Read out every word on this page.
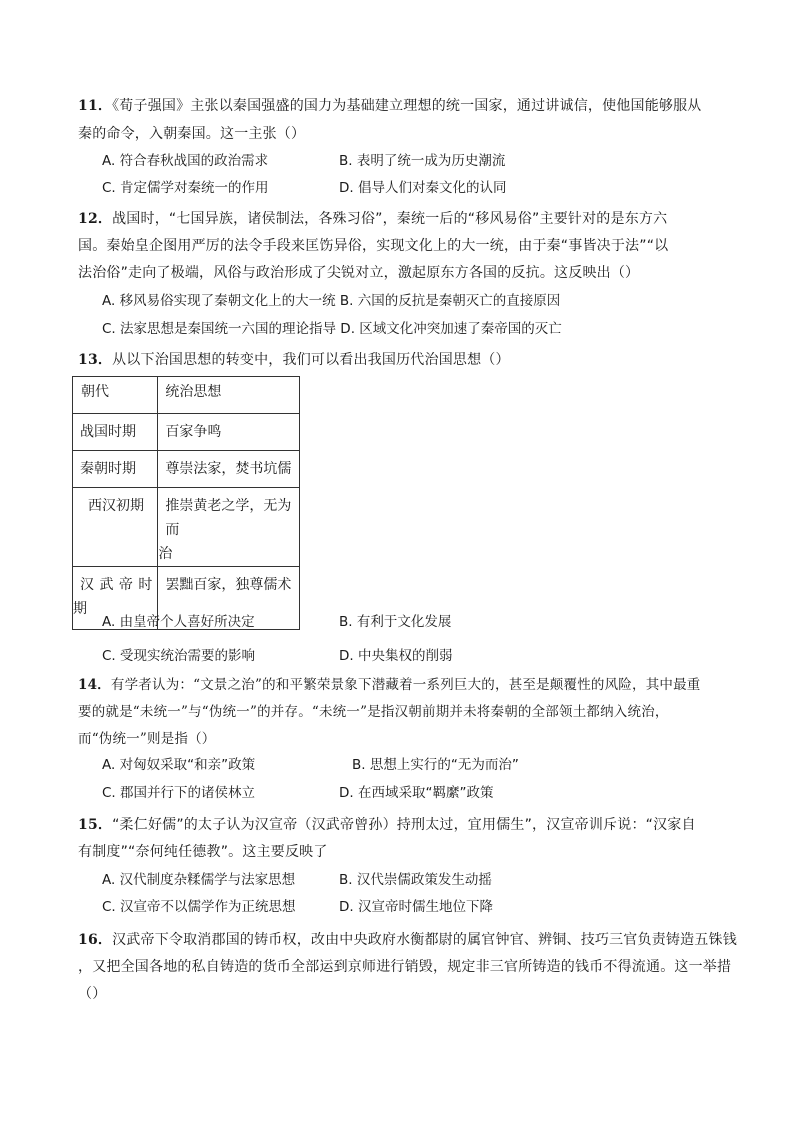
11．《荀子强国》主张以秦国强盛的国力为基础建立理想的统一国家，通过讲诚信，使他国能够服从
秦的命令，入朝秦国。这一主张（）
A. 符合春秋战国的政治需求	B. 表明了统一成为历史潮流
C. 肯定儒学对秦统一的作用	D. 倡导人们对秦文化的认同
12．战国时，“七国异族，诸侯制法，各殊习俗”，秦统一后的“移风易俗”主要针对的是东方六
国。秦始皇企图用严厉的法令手段来匡饬异俗，实现文化上的大一统，由于秦“事皆决于法”“以
法治俗”走向了极端，风俗与政治形成了尖锐对立，激起原东方各国的反抗。这反映出（）
A. 移风易俗实现了秦朝文化上的大一统 B. 六国的反抗是秦朝灭亡的直接原因
C. 法家思想是秦国统一六国的理论指导 D. 区域文化冲突加速了秦帝国的灭亡
13．从以下治国思想的转变中，我们可以看出我国历代治国思想（）
朝代	统治思想
战国时期	百家争鸣
秦朝时期	尊崇法家，焚书坑儒
西汉初期	推崇黄老之学，无为而
治

汉 武 帝 时
期	罢黜百家，独尊儒术
A. 由皇帝个人喜好所决定	B. 有利于文化发展
C. 受现实统治需要的影响	D. 中央集权的削弱
14．有学者认为：“文景之治”的和平繁荣景象下潜藏着一系列巨大的，甚至是颠覆性的风险，其中最重
要的就是“未统一”与“伪统一”的并存。“未统一”是指汉朝前期并未将秦朝的全部领土都纳入统治，
而“伪统一”则是指（）
A. 对匈奴采取“和亲”政策	B. 思想上实行的“无为而治”
C. 郡国并行下的诸侯林立	D. 在西域采取“羁縻”政策
15．“柔仁好儒”的太子认为汉宣帝（汉武帝曾孙）持刑太过，宜用儒生”，汉宣帝训斥说：“汉家自
有制度”“奈何纯任德教”。这主要反映了
A. 汉代制度杂糅儒学与法家思想	B. 汉代崇儒政策发生动摇
C. 汉宣帝不以儒学作为正统思想	D. 汉宣帝时儒生地位下降
16．汉武帝下令取消郡国的铸币权，改由中央政府水衡都尉的属官钟官、辨铜、技巧三官负责铸造五铢钱
，又把全国各地的私自铸造的货币全部运到京师进行销毁，规定非三官所铸造的钱币不得流通。这一举措
（）
